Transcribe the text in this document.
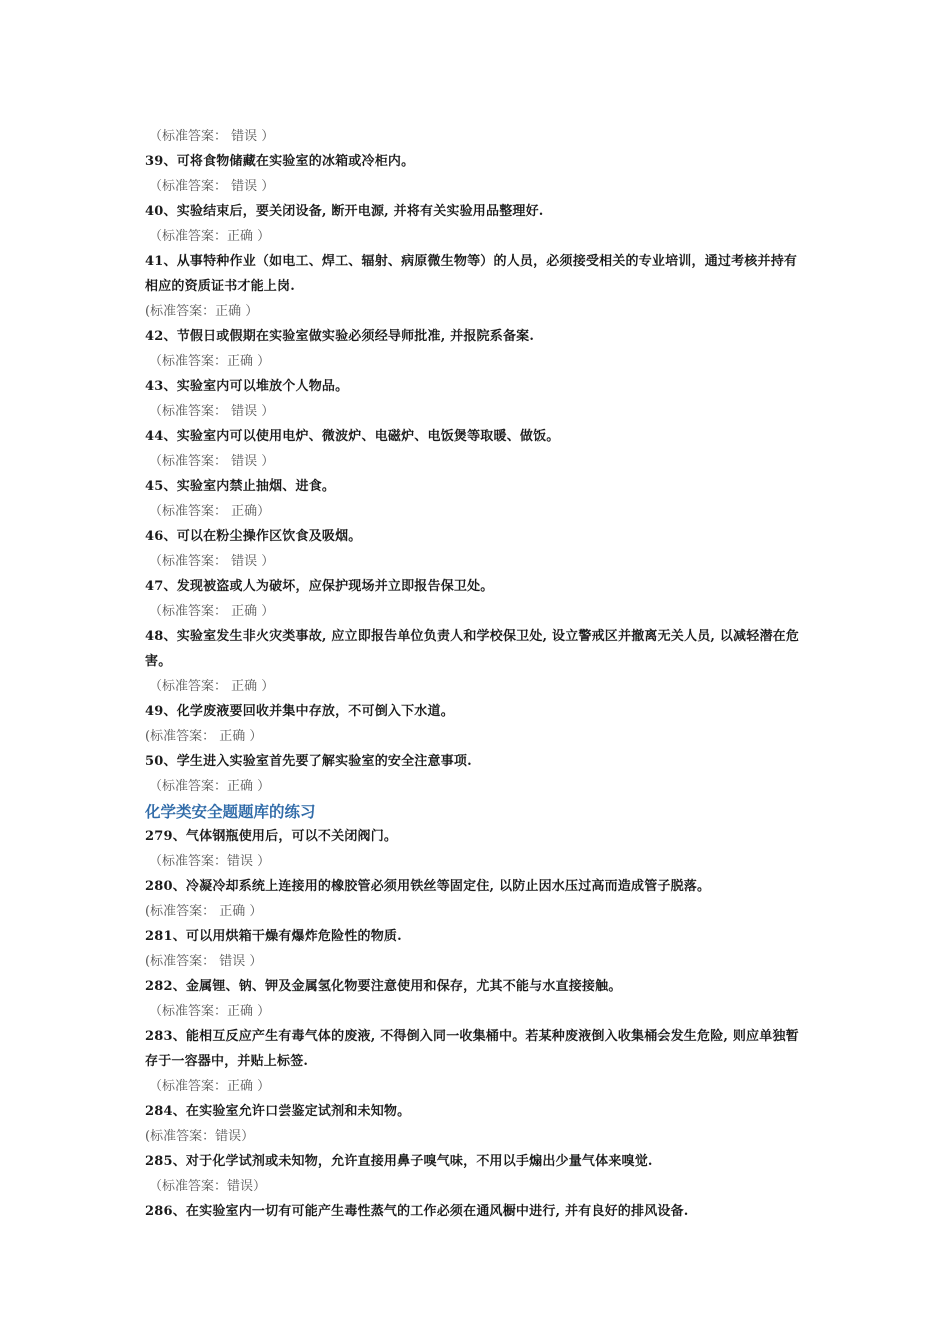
（标准答案： 错误 ）

39、可将食物储藏在实验室的冰箱或冷柜内。

（标准答案： 错误 ）

40、实验结束后，要关闭设备, 断开电源, 并将有关实验用品整理好.

（标准答案：正确 ）

41、从事特种作业（如电工、焊工、辐射、病原微生物等）的人员，必须接受相关的专业培训，通过考核并持有相应的资质证书才能上岗.

(标准答案：正确 ）

42、节假日或假期在实验室做实验必须经导师批准, 并报院系备案.

（标准答案：正确 ）

43、实验室内可以堆放个人物品。

（标准答案： 错误 ）

44、实验室内可以使用电炉、微波炉、电磁炉、电饭煲等取暖、做饭。

（标准答案： 错误 ）

45、实验室内禁止抽烟、进食。

（标准答案： 正确）

46、可以在粉尘操作区饮食及吸烟。

（标准答案： 错误 ）

47、发现被盗或人为破坏，应保护现场并立即报告保卫处。

（标准答案： 正确 ）

48、实验室发生非火灾类事故, 应立即报告单位负责人和学校保卫处, 设立警戒区并撤离无关人员, 以减轻潜在危害。

（标准答案： 正确 ）

49、化学废液要回收并集中存放，不可倒入下水道。

(标准答案： 正确 ）

50、学生进入实验室首先要了解实验室的安全注意事项.

（标准答案：正确 ）

化学类安全题题库的练习

279、气体钢瓶使用后，可以不关闭阀门。

（标准答案：错误 ）

280、冷凝冷却系统上连接用的橡胶管必须用铁丝等固定住, 以防止因水压过高而造成管子脱落。

(标准答案： 正确 ）

281、可以用烘箱干燥有爆炸危险性的物质.

(标准答案： 错误 ）

282、金属锂、钠、钾及金属氢化物要注意使用和保存，尤其不能与水直接接触。

（标准答案：正确 ）

283、能相互反应产生有毒气体的废液, 不得倒入同一收集桶中。若某种废液倒入收集桶会发生危险, 则应单独暂存于一容器中，并贴上标签.

（标准答案：正确 ）

284、在实验室允许口尝鉴定试剂和未知物。

(标准答案：错误）

285、对于化学试剂或未知物，允许直接用鼻子嗅气味，不用以手煽出少量气体来嗅觉.

（标准答案：错误）

286、在实验室内一切有可能产生毒性蒸气的工作必须在通风橱中进行, 并有良好的排风设备.
